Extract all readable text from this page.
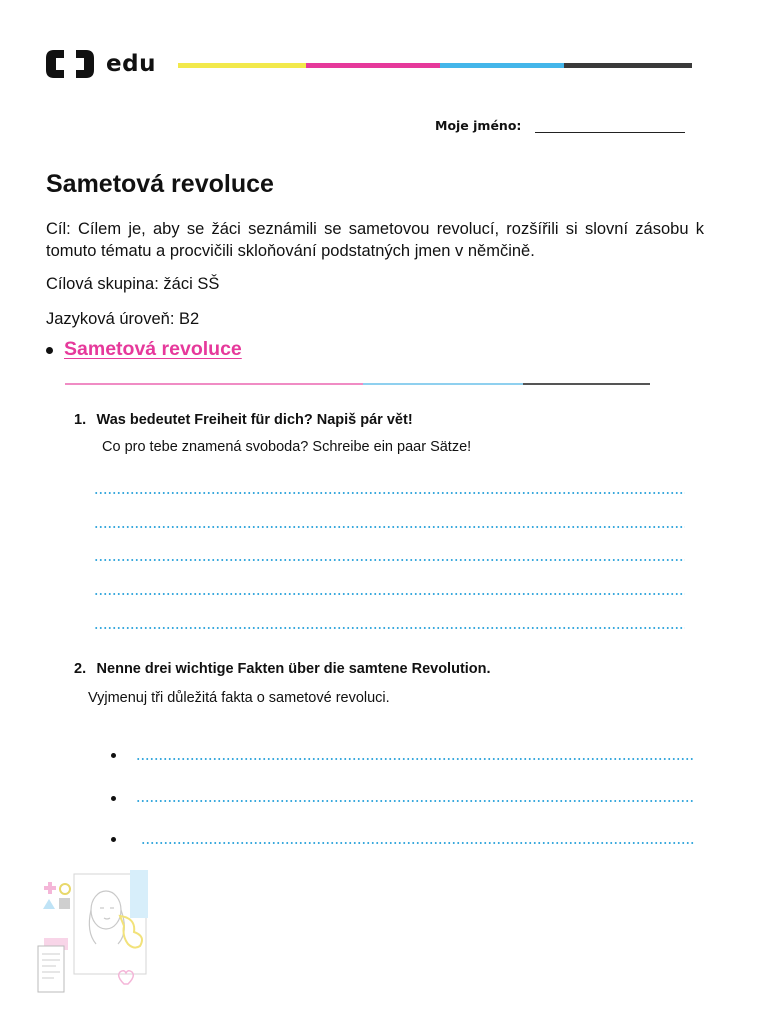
edu
Moje jméno:
Sametová revoluce
Cíl: Cílem je, aby se žáci seznámili se sametovou revolucí, rozšířili si slovní zásobu k tomuto tématu a procvičili skloňování podstatných jmen v němčině.
Cílová skupina: žáci SŠ
Jazyková úroveň: B2
Sametová revoluce
1. Was bedeutet Freiheit für dich? Napiš pár vět!
Co pro tebe znamená svoboda? Schreibe ein paar Sätze!
2. Nenne drei wichtige Fakten über die samtene Revolution.
Vyjmenuj tři důležitá fakta o sametové revoluci.
